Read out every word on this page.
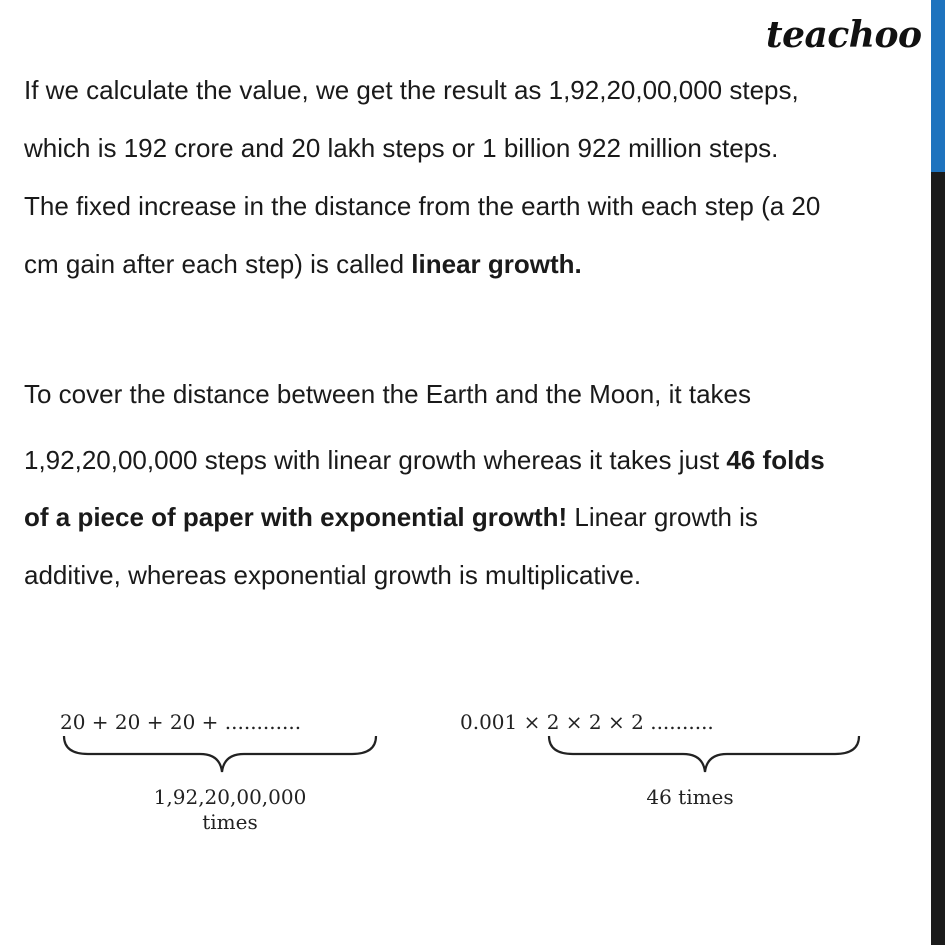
teachoo
If we calculate the value, we get the result as 1,92,20,00,000 steps,
which is 192 crore and 20 lakh steps or 1 billion 922 million steps.
The fixed increase in the distance from the earth with each step (a 20
cm gain after each step) is called linear growth.
To cover the distance between the Earth and the Moon, it takes
1,92,20,00,000 steps with linear growth whereas it takes just 46 folds
of a piece of paper with exponential growth! Linear growth is
additive, whereas exponential growth is multiplicative.
20 + 20 + 20 + ............
1,92,20,00,000
times
0.001 × 2 × 2 × 2 ..........
46 times
